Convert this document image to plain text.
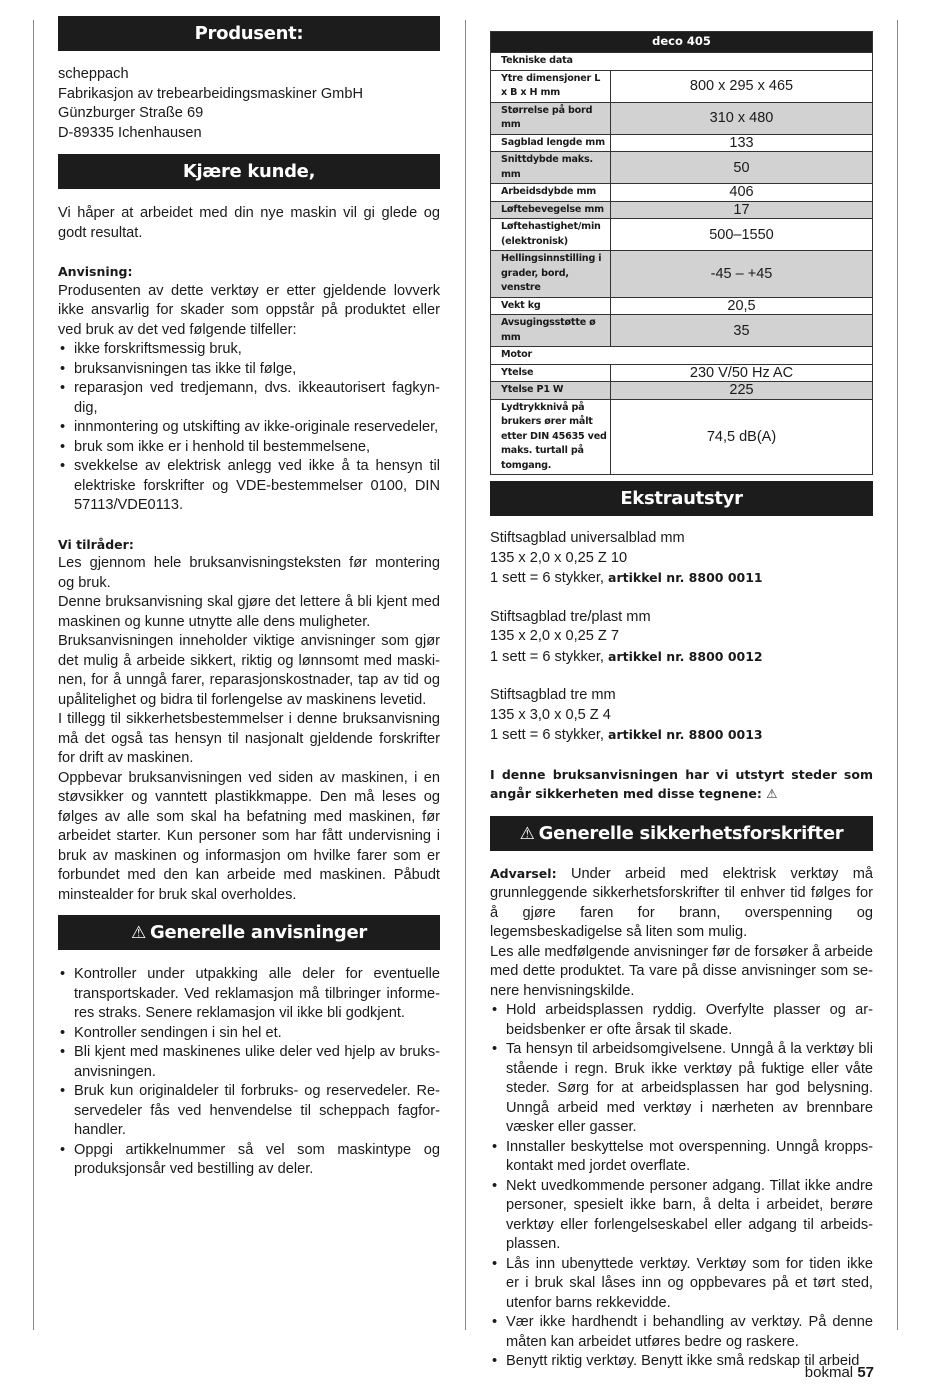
Produsent:
scheppach
Fabrikasjon av trebearbeidingsmaskiner GmbH
Günzburger Straße 69
D-89335 Ichenhausen
Kjære kunde,

Vi håper at arbeidet med din nye maskin vil gi glede og godt resultat.

Anvisning:

Produsenten av dette verktøy er etter gjeldende lovverk ikke ansvarlig for skader som oppstår på produktet eller ved bruk av det ved følgende tilfeller:

• ikke forskriftsmessig bruk,
• bruksanvisningen tas ikke til følge,
• reparasjon ved tredjemann, dvs. ikkeautorisert fagkyndig,
• innmontering og utskifting av ikke-originale reservedeler,
• bruk som ikke er i henhold til bestemmelsene,
• svekkelse av elektrisk anlegg ved ikke å ta hensyn til elektriske forskrifter og VDE-bestemmelser 0100, DIN 57113/VDE0113.
Vi tilråder:

Les gjennom hele bruksanvisningsteksten før montering og bruk.

Denne bruksanvisning skal gjøre det lettere å bli kjent med maskinen og kunne utnytte alle dens muligheter.

Bruksanvisningen inneholder viktige anvisninger som gjør det mulig å arbeide sikkert, riktig og lønnsomt med maskinen, for å unngå farer, reparasjonskostnader, tap av tid og upålitelighet og bidra til forlengelse av maskinens levetid.

I tillegg til sikkerhetsbestemmelser i denne bruksanvisning må det også tas hensyn til nasjonalt gjeldende forskrifter for drift av maskinen.

Oppbevar bruksanvisningen ved siden av maskinen, i en støvsikker og vanntett plastikkmappe. Den må leses og følges av alle som skal ha befatning med maskinen, før arbeidet starter. Kun personer som har fått undervisning i bruk av maskinen og informasjon om hvilke farer som er forbundet med den kan arbeide med maskinen. Påbudt minstealder for bruk skal overholdes.

⚠ Generelle anvisninger
• Kontroller under utpakking alle deler for eventuelle transportskader. Ved reklamasjon må tilbringer informeres straks. Senere reklamasjon vil ikke bli godkjent.
• Kontroller sendingen i sin hel et.
• Bli kjent med maskinenes ulike deler ved hjelp av bruksanvisningen.
• Bruk kun originaldeler til forbruks- og reservedeler. Reservedeler fås ved henvendelse til scheppach fagforhandler.
• Oppgi artikkelnummer så vel som maskintype og produksjonsår ved bestilling av deler.
deco 405	
Tekniske data	
Ytre dimensjoner L x B x H mm	800 x 295 x 465
Størrelse på bord mm	310 x 480
Sagblad lengde mm	133
Snittdybde maks. mm	50
Arbeidsdybde mm	406
Løftebevegelse mm	17
Løftehastighet/min (elektronisk)	500–1550
Hellingsinnstilling i grader, bord, venstre	-45 – +45
Vekt kg	20,5
Avsugingsstøtte ø mm	35
Motor	
Ytelse	230 V/50 Hz AC
Ytelse P1 W	225
Lydtrykknivå på brukers ører målt etter DIN 45635 ved maks. turtall på tomgang.	74,5 dB(A)
Ekstrautstyr
Stiftsagblad universalblad mm
135 x 2,0 x 0,25 Z 10
1 sett = 6 stykker, artikkel nr. 8800 0011
Stiftsagblad tre/plast mm
135 x 2,0 x 0,25 Z 7
1 sett = 6 stykker, artikkel nr. 8800 0012
Stiftsagblad tre mm
135 x 3,0 x 0,5 Z 4
1 sett = 6 stykker, artikkel nr. 8800 0013

I denne bruksanvisningen har vi utstyrt steder som angår sikkerheten med disse tegnene: ⚠

⚠ Generelle sikkerhetsforskrifter

Advarsel: Under arbeid med elektrisk verktøy må grunnleggende sikkerhetsforskrifter til enhver tid følges for å gjøre faren for brann, overspenning og legemsbeskadigelse så liten som mulig.

Les alle medfølgende anvisninger før de forsøker å arbeide med dette produktet. Ta vare på disse anvisninger som senere henvisningskilde.

• Hold arbeidsplassen ryddig. Overfylte plasser og arbeidsbenker er ofte årsak til skade.
• Ta hensyn til arbeidsomgivelsene. Unngå å la verktøy bli stående i regn. Bruk ikke verktøy på fuktige eller våte steder. Sørg for at arbeidsplassen har god belysning. Unngå arbeid med verktøy i nærheten av brennbare væsker eller gasser.
• Innstaller beskyttelse mot overspenning. Unngå kroppskontakt med jordet overflate.
• Nekt uvedkommende personer adgang. Tillat ikke andre personer, spesielt ikke barn, å delta i arbeidet, berøre verktøy eller forlengelseskabel eller adgang til arbeidsplassen.
• Lås inn ubenyttede verktøy. Verktøy som for tiden ikke er i bruk skal låses inn og oppbevares på et tørt sted, utenfor barns rekkevidde.
• Vær ikke hardhendt i behandling av verktøy. På denne måten kan arbeidet utføres bedre og raskere.
• Benytt riktig verktøy. Benytt ikke små redskap til arbeid
bokmal 57
